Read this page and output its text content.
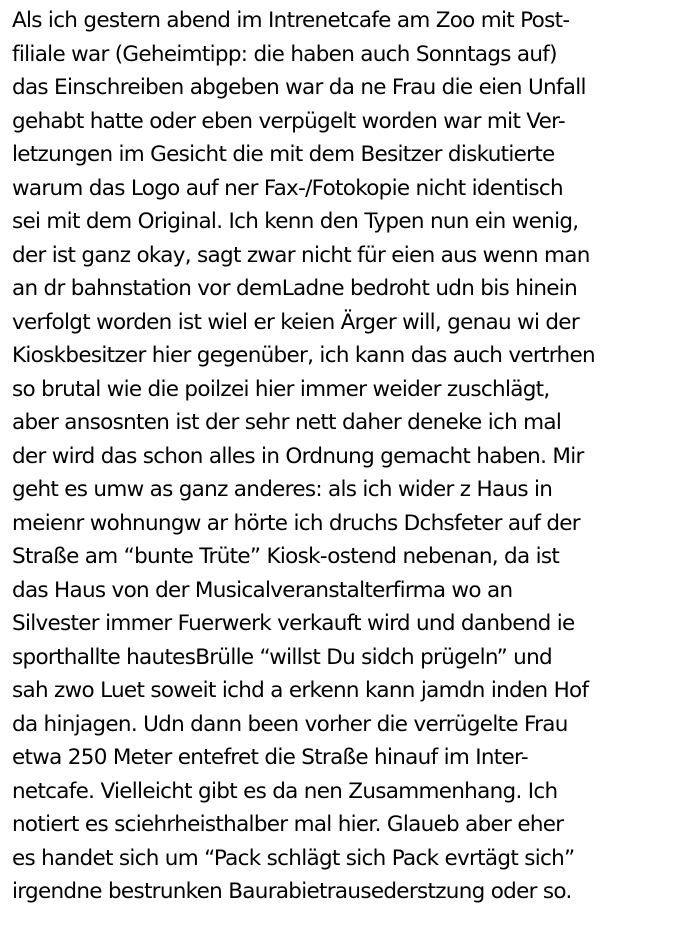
Als ich gestern abend im Intrenetcafe am Zoo mit Post-
filiale war (Geheimtipp: die haben auch Sonntags auf)
das Einschreiben abgeben war da ne Frau die eien Unfall
gehabt hatte oder eben verpügelt worden war mit Ver-
letzungen im Gesicht die mit dem Besitzer diskutierte
warum das Logo auf ner Fax-/Fotokopie nicht identisch
sei mit dem Original. Ich kenn den Typen nun ein wenig,
der ist ganz okay, sagt zwar nicht für eien aus wenn man
an dr bahnstation vor demLadne bedroht udn bis hinein
verfolgt worden ist wiel er keien Ärger will, genau wi der
Kioskbesitzer hier gegenüber, ich kann das auch vertrhen
so brutal wie die poilzei hier immer weider zuschlägt,
aber ansosnten ist der sehr nett daher deneke ich mal
der wird das schon alles in Ordnung gemacht haben. Mir
geht es umw as ganz anderes: als ich wider z Haus in
meienr wohnungw ar hörte ich druchs Dchsfeter auf der
Straße am “bunte Trüte” Kiosk-ostend nebenan, da ist
das Haus von der Musicalveranstalterfirma wo an
Silvester immer Fuerwerk verkauft wird und danbend ie
sporthallte hautesBrülle “willst Du sidch prügeln” und
sah zwo Luet soweit ichd a erkenn kann jamdn inden Hof
da hinjagen. Udn dann been vorher die verrügelte Frau
etwa 250 Meter entefret die Straße hinauf im Inter-
netcafe. Vielleicht gibt es da nen Zusammenhang. Ich
notiert es sciehrheisthalber mal hier. Glaueb aber eher
es handet sich um “Pack schlägt sich Pack evrtägt sich”
irgendne bestrunken Baurabietrausederstzung oder so.
